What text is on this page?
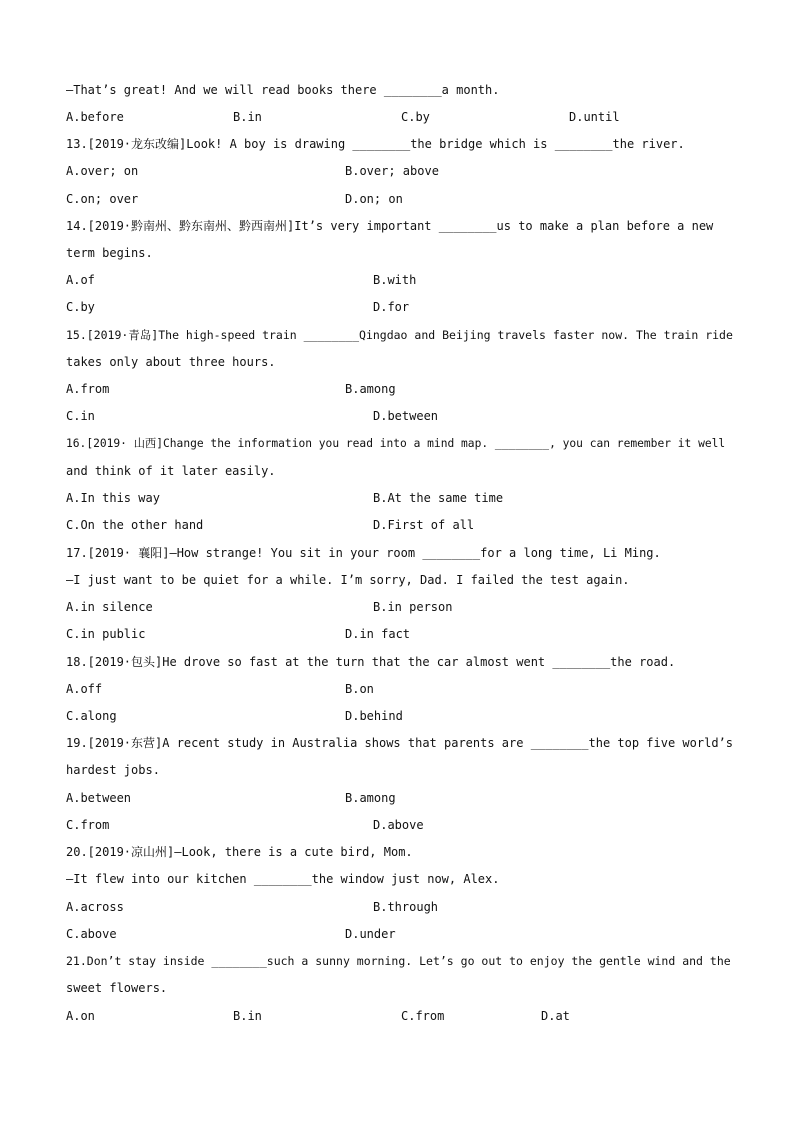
—That’s great! And we will read books there ________a month.
A.before	B.in	C.by	D.until
13.[2019·龙东改编]Look! A boy is drawing ________the bridge which is ________the river.
A.over; on	B.over; above
C.on; over	D.on; on
14.[2019·黔南州、黔东南州、黔西南州]It’s very important ________us to make a plan before a new
term begins.
A.of	B.with
C.by	D.for
15.[2019·青岛]The high-speed train ________Qingdao and Beijing travels faster now. The train ride
takes only about three hours.
A.from	B.among
C.in	D.between
16.[2019· 山西]Change the information you read into a mind map. ________, you can remember it well
and think of it later easily.
A.In this way	B.At the same time
C.On the other hand	D.First of all
17.[2019· 襄阳]—How strange! You sit in your room ________for a long time, Li Ming.
—I just want to be quiet for a while. I’m sorry, Dad. I failed the test again.
A.in silence	B.in person
C.in public	D.in fact
18.[2019·包头]He drove so fast at the turn that the car almost went ________the road.
A.off	B.on
C.along	D.behind
19.[2019·东营]A recent study in Australia shows that parents are ________the top five world’s
hardest jobs.
A.between	B.among
C.from	D.above
20.[2019·凉山州]—Look, there is a cute bird, Mom.
—It flew into our kitchen ________the window just now, Alex.
A.across	B.through
C.above	D.under
21.Don’t stay inside ________such a sunny morning. Let’s go out to enjoy the gentle wind and the
sweet flowers.
A.on	B.in	C.from	D.at
